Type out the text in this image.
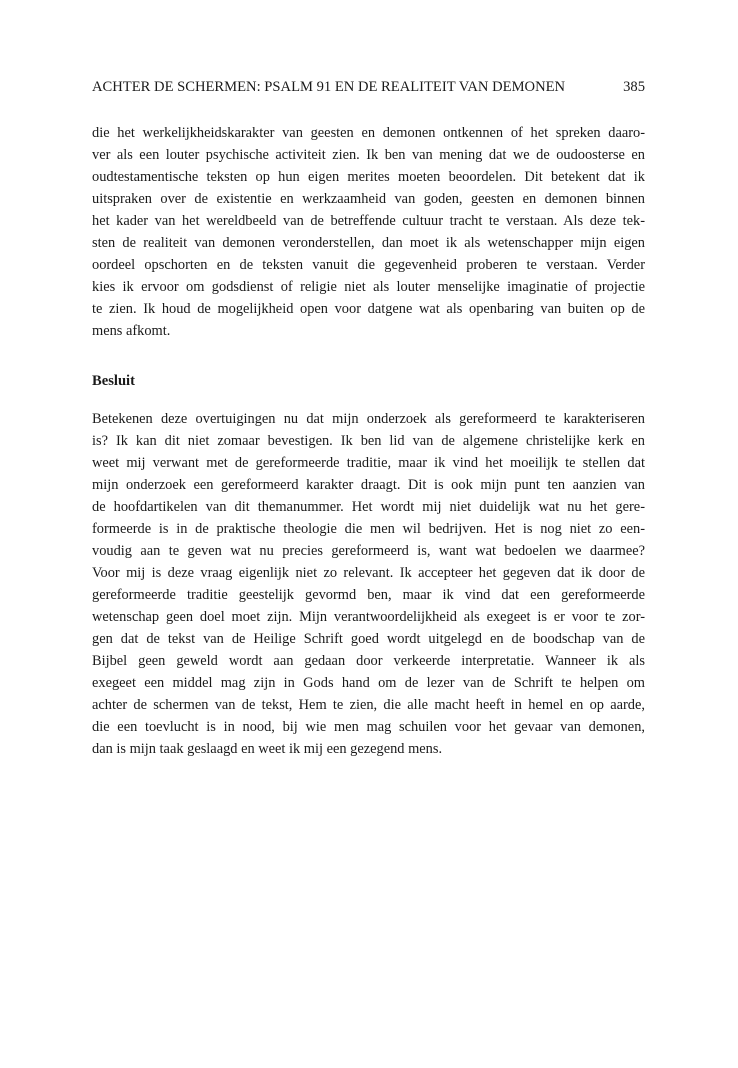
ACHTER DE SCHERMEN: PSALM 91 EN DE REALITEIT VAN DEMONEN	385
die het werkelijkheidskarakter van geesten en demonen ontkennen of het spreken daaro-
ver als een louter psychische activiteit zien. Ik ben van mening dat we de oudoosterse en
oudtestamentische teksten op hun eigen merites moeten beoordelen. Dit betekent dat ik
uitspraken over de existentie en werkzaamheid van goden, geesten en demonen binnen
het kader van het wereldbeeld van de betreffende cultuur tracht te verstaan. Als deze tek-
sten de realiteit van demonen veronderstellen, dan moet ik als wetenschapper mijn eigen
oordeel opschorten en de teksten vanuit die gegevenheid proberen te verstaan. Verder
kies ik ervoor om godsdienst of religie niet als louter menselijke imaginatie of projectie
te zien. Ik houd de mogelijkheid open voor datgene wat als openbaring van buiten op de
mens afkomt.
Besluit
Betekenen deze overtuigingen nu dat mijn onderzoek als gereformeerd te karakteriseren
is? Ik kan dit niet zomaar bevestigen. Ik ben lid van de algemene christelijke kerk en
weet mij verwant met de gereformeerde traditie, maar ik vind het moeilijk te stellen dat
mijn onderzoek een gereformeerd karakter draagt. Dit is ook mijn punt ten aanzien van
de hoofdartikelen van dit themanummer. Het wordt mij niet duidelijk wat nu het gere-
formeerde is in de praktische theologie die men wil bedrijven. Het is nog niet zo een-
voudig aan te geven wat nu precies gereformeerd is, want wat bedoelen we daarmee?
Voor mij is deze vraag eigenlijk niet zo relevant. Ik accepteer het gegeven dat ik door de
gereformeerde traditie geestelijk gevormd ben, maar ik vind dat een gereformeerde
wetenschap geen doel moet zijn. Mijn verantwoordelijkheid als exegeet is er voor te zor-
gen dat de tekst van de Heilige Schrift goed wordt uitgelegd en de boodschap van de
Bijbel geen geweld wordt aan gedaan door verkeerde interpretatie. Wanneer ik als
exegeet een middel mag zijn in Gods hand om de lezer van de Schrift te helpen om
achter de schermen van de tekst, Hem te zien, die alle macht heeft in hemel en op aarde,
die een toevlucht is in nood, bij wie men mag schuilen voor het gevaar van demonen,
dan is mijn taak geslaagd en weet ik mij een gezegend mens.
